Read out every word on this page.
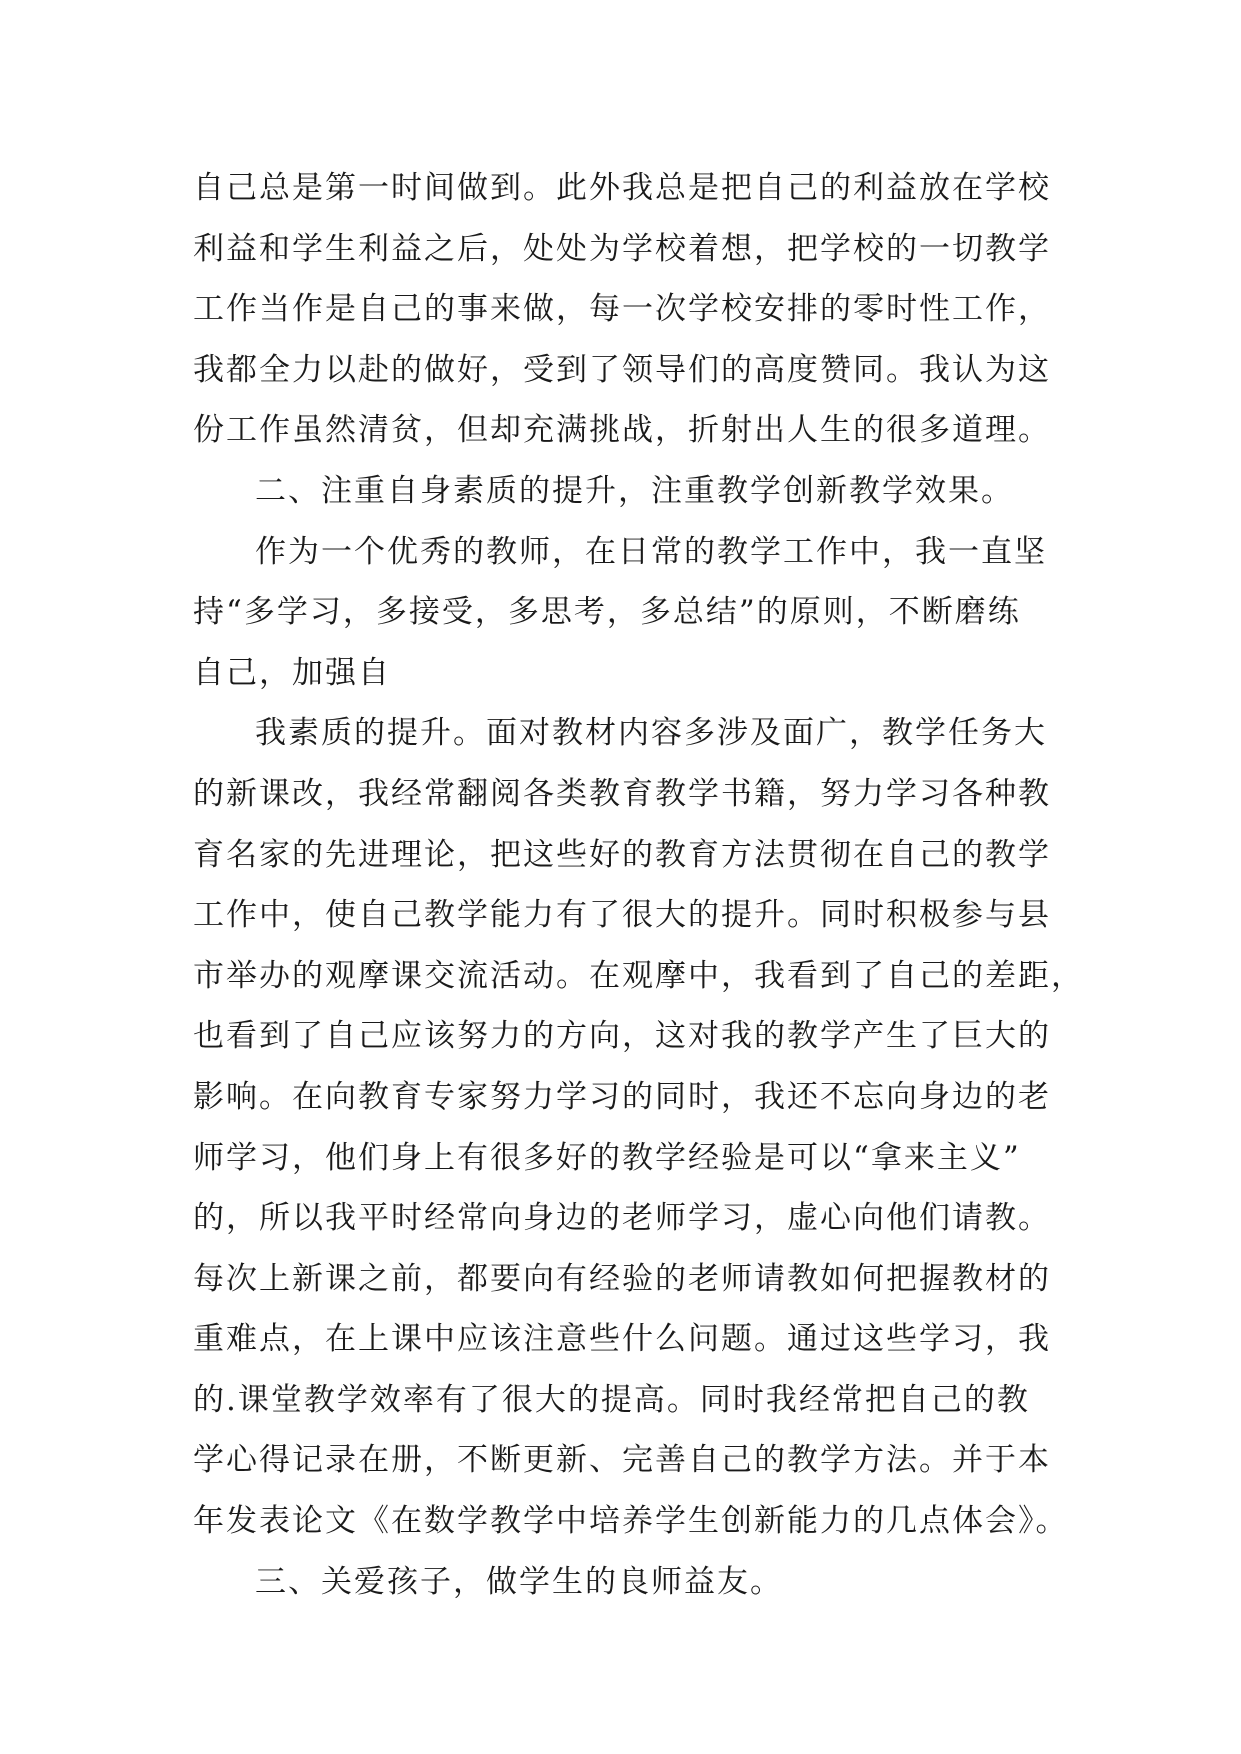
自己总是第一时间做到。此外我总是把自己的利益放在学校
利益和学生利益之后，处处为学校着想，把学校的一切教学
工作当作是自己的事来做，每一次学校安排的零时性工作，
我都全力以赴的做好，受到了领导们的高度赞同。我认为这
份工作虽然清贫，但却充满挑战，折射出人生的很多道理。
二、注重自身素质的提升，注重教学创新教学效果。
作为一个优秀的教师，在日常的教学工作中，我一直坚
持“多学习，多接受，多思考，多总结”的原则，不断磨练
自己，加强自
我素质的提升。面对教材内容多涉及面广，教学任务大
的新课改，我经常翻阅各类教育教学书籍，努力学习各种教
育名家的先进理论，把这些好的教育方法贯彻在自己的教学
工作中，使自己教学能力有了很大的提升。同时积极参与县
市举办的观摩课交流活动。在观摩中，我看到了自己的差距，
也看到了自己应该努力的方向，这对我的教学产生了巨大的
影响。在向教育专家努力学习的同时，我还不忘向身边的老
师学习，他们身上有很多好的教学经验是可以“拿来主义”
的，所以我平时经常向身边的老师学习，虚心向他们请教。
每次上新课之前，都要向有经验的老师请教如何把握教材的
重难点，在上课中应该注意些什么问题。通过这些学习，我
的.课堂教学效率有了很大的提高。同时我经常把自己的教
学心得记录在册，不断更新、完善自己的教学方法。并于本
年发表论文《在数学教学中培养学生创新能力的几点体会》。
三、关爱孩子，做学生的良师益友。
